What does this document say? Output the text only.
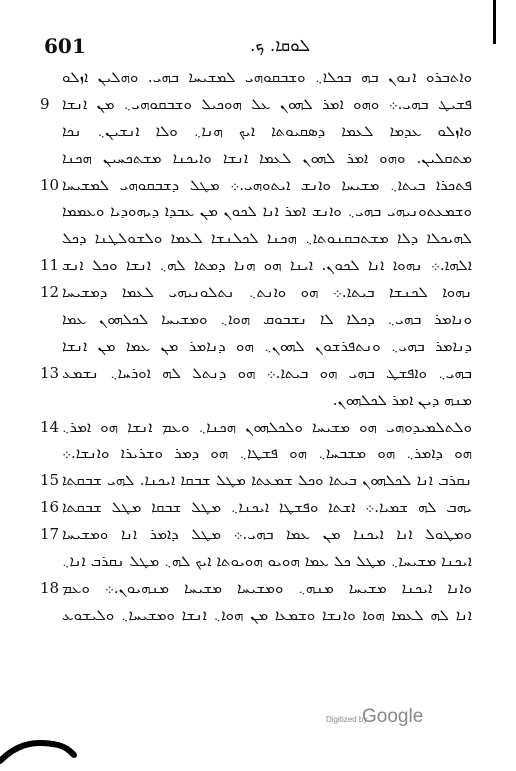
601	ܠܘܩܐ. ܟ.
ܘܐܬܒܪܘ ܐܢܘܢ ܒܗ ܒܟܠܐ܆ ܘܫܒܩܘܗܝ ܠܡܫܝܚܐ ܒܗܝ. ܘܗܠܝܢ ܐܙܠܘ
9 ܦܫܝܛ ܒܗܝ.܀ ܘܗܘ ܐܡܪ ܠܗܘܢ ܥܠ ܗܘܟܝܠ ܘܫܒܩܘܗܝ܆ ܡܢ ܐܢܫܐ
ܘܐܙܠܘ ܥܕܡܐ ܠܥܡܐ ܕܣܩܝܘܬܐ ܐܝܟ ܗܢܐ܆ ܘܠܐ ܐܢܫܝܢ܆ ܢܟܐ
ܡܬܩܠܝܢ. ܘܗܘ ܐܡܪ ܠܗܘܢ ܠܥܡܐ ܐܢܫܐ ܘܐܝܟܢܐ ܡܫܬܟܚܝܢ ܗܟܢܐ
10 ܦܬܟܪܐ ܒܝܬܐ܆ ܡܫܝܚܐ ܘܐܢܫ ܐܝܬܘܗܝ.܀ ܡܛܠ ܕܫܒܩܘܗܝ ܠܡܫܝܚܐ
ܘܫܡܥܬܘܢܝܗܝ ܒܗܝ܆ ܘܐܢܫ ܐܡܪ ܐܢܐ ܠܟܘܢ ܡܢ ܥܒܕܐ ܕܝܗܘܕܝܐ ܘܥܡܡܐ
ܠܗܝܟܠܐ ܕܠܐ ܡܫܬܒܩܢܘܬܐ܆ ܗܟܢܐ ܠܟܠܢܫܐ ܠܥܡܐ ܘܠܫܘܠܛܢܐ ܕܟܠ
11 ܐܠܗܐ.܀ ܢܗܘܐ ܐܢܐ ܠܟܘܢ. ܐܝܢܐ ܗܘ ܗܢܐ ܕܡܬܐ ܠܗ܆ ܐܢܫܐ ܘܟܠ ܐܢܫ
12 ܢܗܘܐ ܠܟܢܫܐ ܒܝܬܐ.܀ ܗܘ ܘܐܢܬ܆ ܢܬܠܘܢܝܗܝ ܠܥܡܐ ܕܡܫܝܚܐ
ܘܢܐܡܪ ܒܗܝ܆ ܕܟܠܐ ܠܐ ܢܫܒܘܩ ܗܘܐ܆ ܘܡܫܝܚܐ ܠܟܠܗܘܢ ܥܡܐ
ܕܢܐܡܪ ܒܗܝ܆ ܘܢܬܦܪܫܘܢ ܠܗܘܢ܆ ܗܘ ܕܢܐܡܪ ܡܢ ܥܡܐ ܡܢ ܐܢܫܐ
13 ܒܗܝ܆ ܘܐܦܫܛ ܒܗܝ ܗܘ ܒܝܬܐ.܀ ܗܘ ܕܢܬܠ ܠܗ ܐܘܪܚܐ܆ ܢܫܡܥ
ܡܢܗ ܕܝܢ ܐܡܪ ܠܟܠܗܘܢ.
14 ܘܠܬܠܡܝܕܘܗܝ ܗܘ ܡܫܝܚܐ ܘܠܟܠܗܘܢ ܗܟܢܐ܆ ܘܥܡ ܐܢܫܐ ܗܘ ܐܡܪ܆
ܗܘ ܕܐܡܪ܆ ܗܘ ܡܫܒܚܐ܆ ܗܘ ܦܫܛܐ܆ ܗܘ ܕܡܪ ܘܫܪܝܪܐ ܘܐܢܫܐ.܀
15 ܢܩܪܒ ܐܢܐ ܠܟܠܗܘܢ ܒܝܬܐ ܘܟܠ ܫܡܥܬܐ ܡܛܠ ܫܒܩܐ ܐܝܟܢܐ. ܠܗܝ ܫܒܩܬܐ
16 ܝܗܒ ܠܗ ܫܡܝܐ.܀ ܐܫܬܐ ܘܦܫܛܐ ܐܝܟܢܐ܆ ܡܛܠ ܫܒܩܐ ܡܛܠ ܫܒܩܬܐ
17 ܘܡܛܘܠ ܐܢܐ ܐܝܟܢܐ ܡܢ ܥܡܐ ܒܗܝ.܀ ܡܛܠ ܕܐܡܪ ܐܢܐ ܘܡܫܝܚܐ
ܐܝܟܢܐ ܡܫܝܚܐ܆ ܡܛܠ ܟܠ ܥܡܐ ܗܘܝܘ ܗܘܝܘܬܐ ܐܝܟ ܠܗ܆ ܡܛܠ ܢܩܪܒ ܐܢܐ܆
18 ܘܐܢܐ ܐܝܟܢܐ ܡܫܝܚܐ ܡܢܗ܆ ܘܡܫܝܚܐ ܡܫܝܚܐ ܡܢܗܝܘܢ.܀ ܘܥܡ
ܐܢܐ ܠܗ ܠܥܡܐ ܗܘܐ ܘܐܢܫܐ ܘܫܡܥܐ ܡܢ ܗܘܐ܆ ܐܢܫܐ ܘܡܫܝܚܐ܆ ܘܠܝܫܘܥ
Digitized by
Google
